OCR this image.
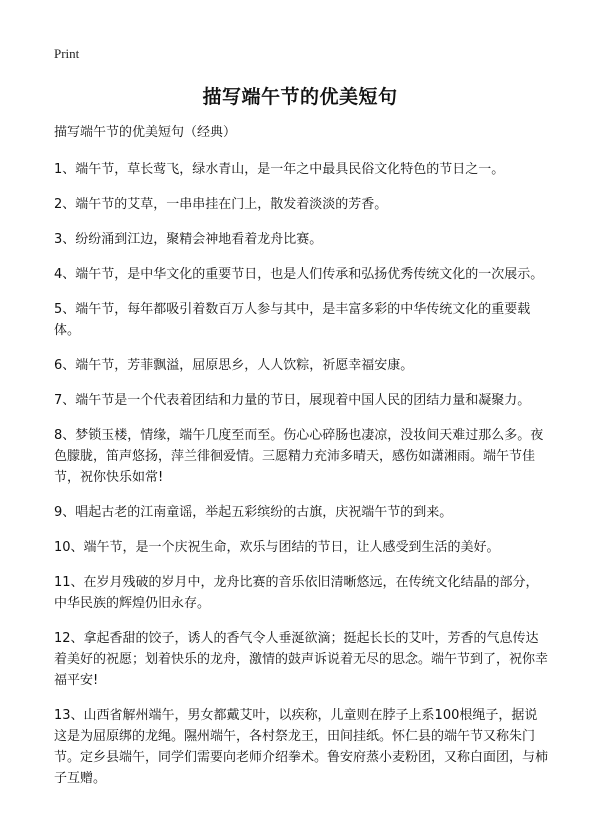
Print
描写端午节的优美短句

描写端午节的优美短句（经典）

1、端午节，草长莺飞，绿水青山，是一年之中最具民俗文化特色的节日之一。

2、端午节的艾草，一串串挂在门上，散发着淡淡的芳香。

3、纷纷涌到江边，聚精会神地看着龙舟比赛。

4、端午节，是中华文化的重要节日，也是人们传承和弘扬优秀传统文化的一次展示。

5、端午节，每年都吸引着数百万人参与其中，是丰富多彩的中华传统文化的重要载体。

6、端午节，芳菲飘溢，屈原思乡，人人饮粽，祈愿幸福安康。

7、端午节是一个代表着团结和力量的节日，展现着中国人民的团结力量和凝聚力。

8、梦锁玉楼，情缘，端午几度至而至。伤心心碎肠也凄凉，没妆间天难过那么多。夜色朦胧，笛声悠扬，萍兰徘徊爱情。三愿精力充沛多晴天，感伤如潇湘雨。端午节佳节，祝你快乐如常!

9、唱起古老的江南童谣，举起五彩缤纷的古旗，庆祝端午节的到来。

10、端午节，是一个庆祝生命，欢乐与团结的节日，让人感受到生活的美好。

11、在岁月残破的岁月中，龙舟比赛的音乐依旧清晰悠远，在传统文化结晶的部分，中华民族的辉煌仍旧永存。

12、拿起香甜的饺子，诱人的香气令人垂涎欲滴；挺起长长的艾叶，芳香的气息传达着美好的祝愿；划着快乐的龙舟，激情的鼓声诉说着无尽的思念。端午节到了，祝你幸福平安!

13、山西省解州端午，男女都戴艾叶，以疾称，儿童则在脖子上系100根绳子，据说这是为屈原绑的龙绳。隰州端午，各村祭龙王，田间挂纸。怀仁县的端午节又称朱门节。定乡县端午，同学们需要向老师介绍拳术。鲁安府蒸小麦粉团，又称白面团，与柿子互赠。
